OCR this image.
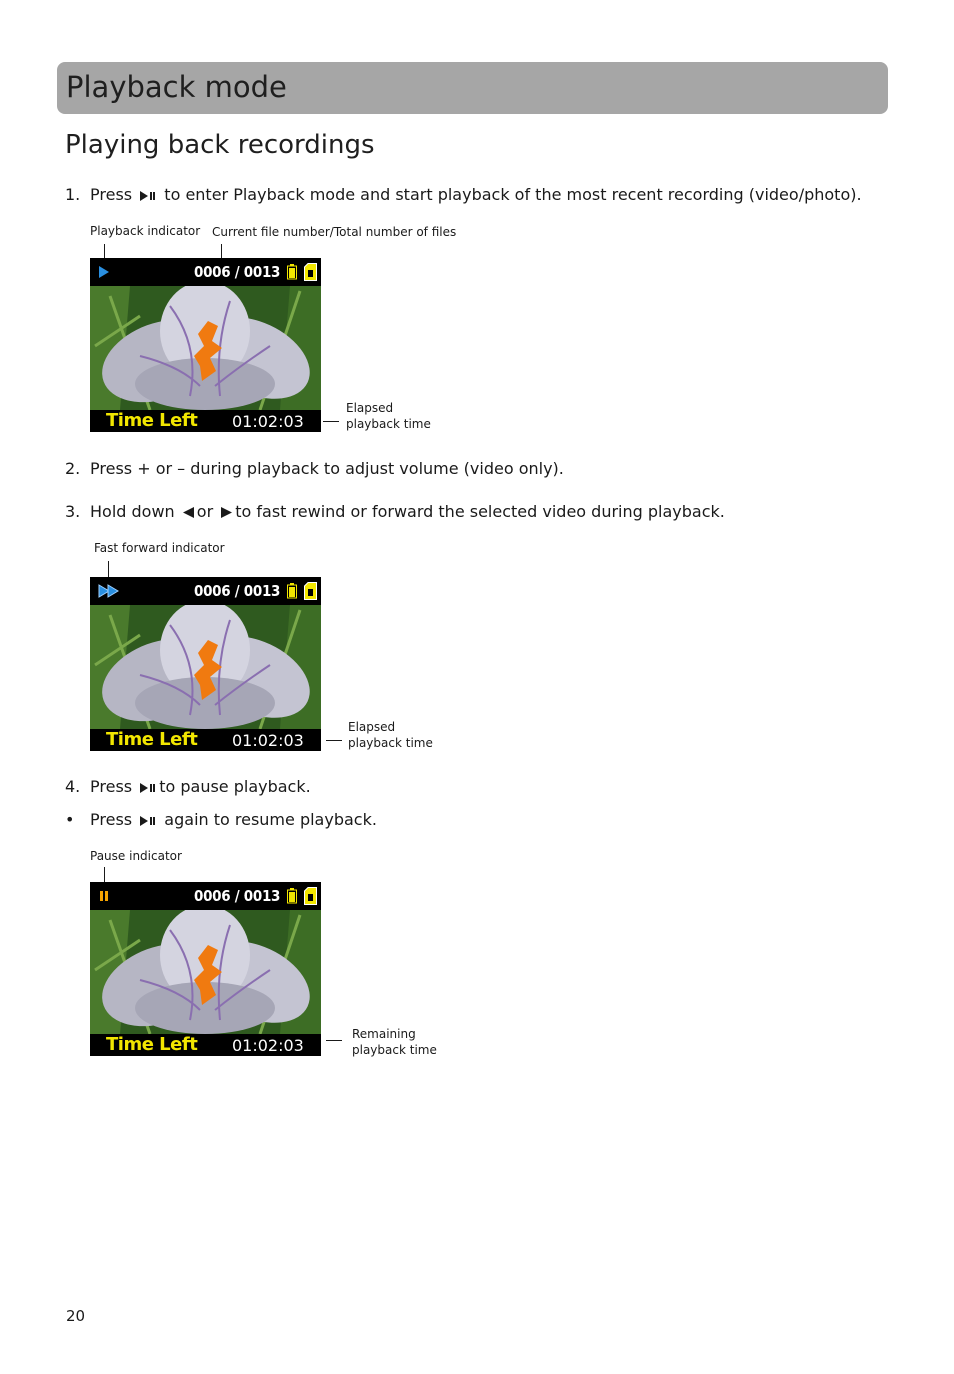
Playback mode
Playing back recordings
1. Press to enter Playback mode and start playback of the most recent recording (video/photo).
Playback indicator Current file number/Total number of files
0006 / 0013
Time Left 01:02:03
Elapsed
playback time
2. Press + or – during playback to adjust volume (video only).
3. Hold down or to fast rewind or forward the selected video during playback.
Fast forward indicator
0006 / 0013
Time Left 01:02:03
Elapsed
playback time
4. Press to pause playback.
• Press again to resume playback.
Pause indicator
0006 / 0013
Time Left 01:02:03
Remaining
playback time
20
